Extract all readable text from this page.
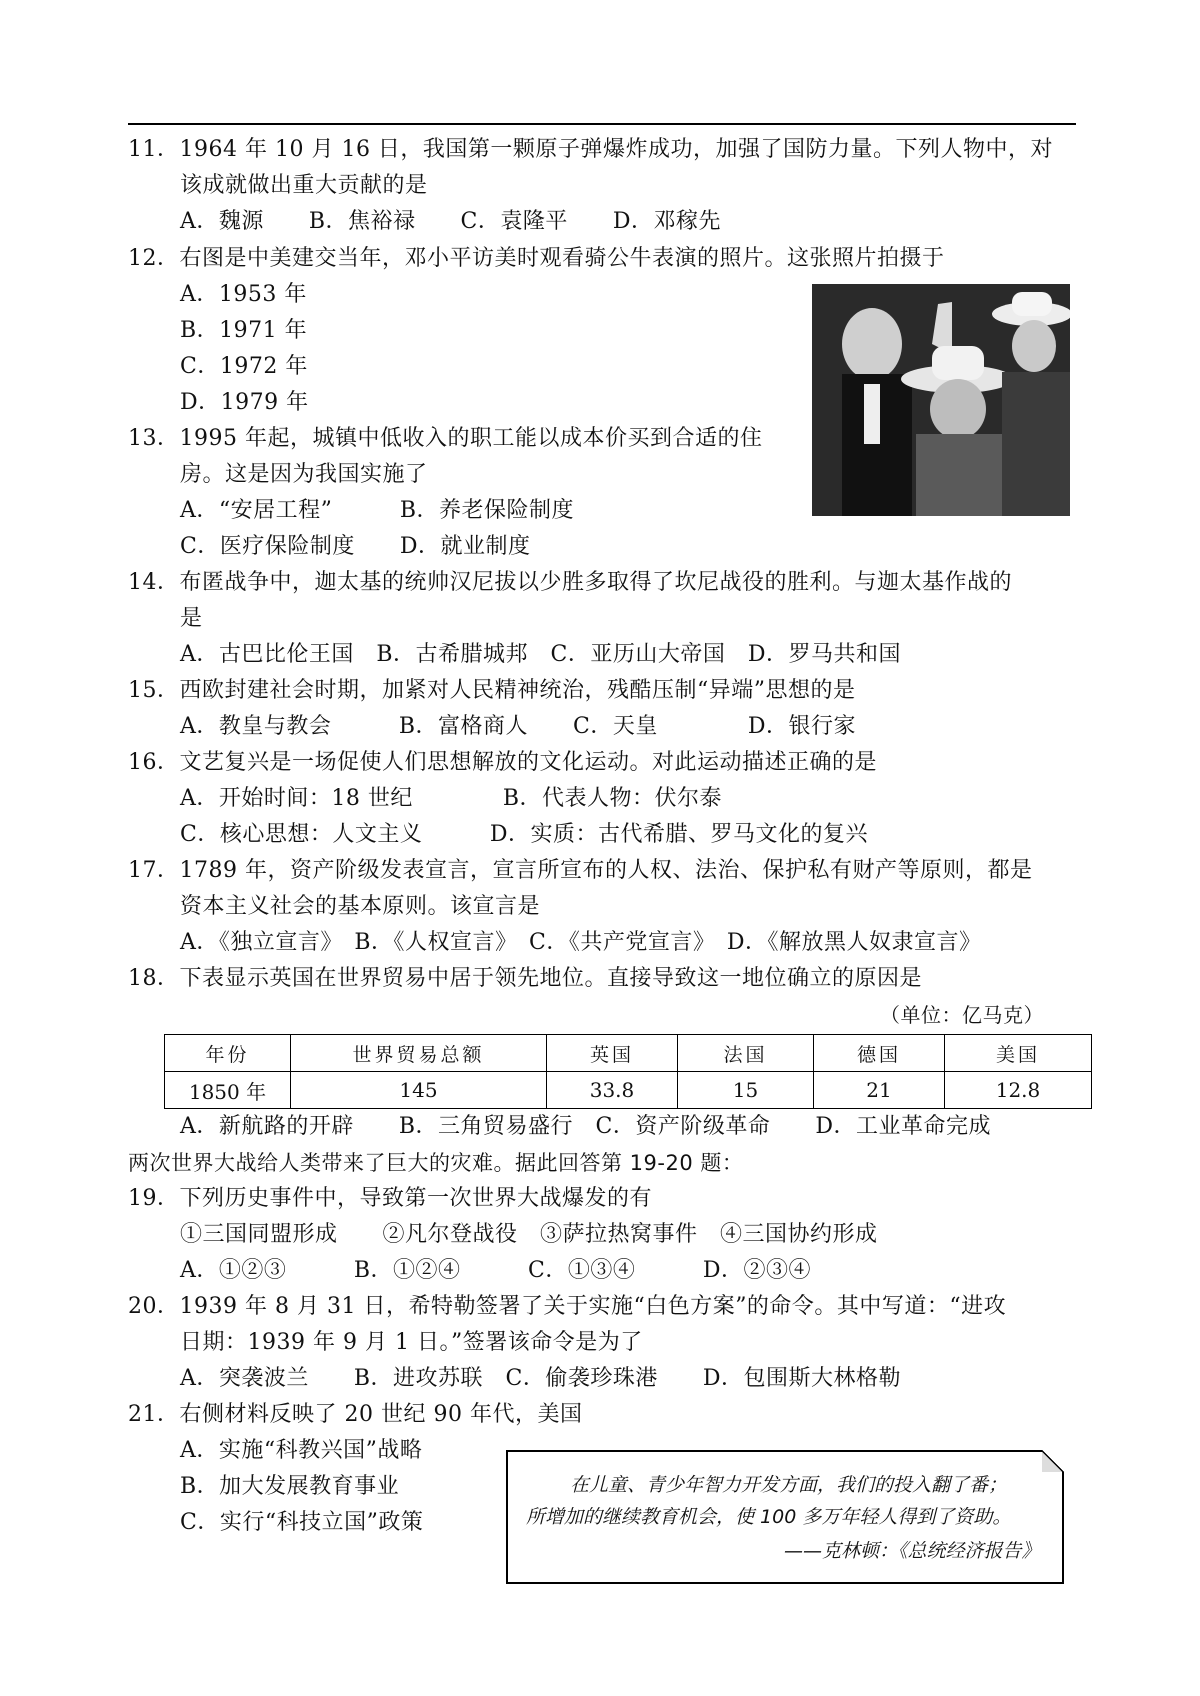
11．1964 年 10 月 16 日，我国第一颗原子弹爆炸成功，加强了国防力量。下列人物中，对
该成就做出重大贡献的是
A．魏源　　B．焦裕禄　　C．袁隆平　　D．邓稼先
12．右图是中美建交当年，邓小平访美时观看骑公牛表演的照片。这张照片拍摄于
A．1953 年
B．1971 年
C．1972 年
D．1979 年
13．1995 年起，城镇中低收入的职工能以成本价买到合适的住
房。这是因为我国实施了
A．“安居工程”　　　B．养老保险制度
C．医疗保险制度　　D．就业制度
14．布匿战争中，迦太基的统帅汉尼拔以少胜多取得了坎尼战役的胜利。与迦太基作战的
是
A．古巴比伦王国　B．古希腊城邦　C．亚历山大帝国　D．罗马共和国
15．西欧封建社会时期，加紧对人民精神统治，残酷压制“异端”思想的是
A．教皇与教会　　　B．富格商人　　C．天皇　　　　D．银行家
16．文艺复兴是一场促使人们思想解放的文化运动。对此运动描述正确的是
A．开始时间：18 世纪　　　　B．代表人物：伏尔泰
C．核心思想：人文主义　　　D．实质：古代希腊、罗马文化的复兴
17．1789 年，资产阶级发表宣言，宣言所宣布的人权、法治、保护私有财产等原则，都是
资本主义社会的基本原则。该宣言是
A．《独立宣言》　B．《人权宣言》　C．《共产党宣言》　D．《解放黑人奴隶宣言》
18．下表显示英国在世界贸易中居于领先地位。直接导致这一地位确立的原因是
（单位：亿马克）
年份	世界贸易总额	英国	法国	德国	美国
1850 年	145	33.8	15	21	12.8
A．新航路的开辟　　B．三角贸易盛行　C．资产阶级革命　　D．工业革命完成
两次世界大战给人类带来了巨大的灾难。据此回答第 19-20 题：
19．下列历史事件中，导致第一次世界大战爆发的有
①三国同盟形成　　②凡尔登战役　③萨拉热窝事件　④三国协约形成
A．①②③　　　B．①②④　　　C．①③④　　　D．②③④
20．1939 年 8 月 31 日，希特勒签署了关于实施“白色方案”的命令。其中写道：“进攻
日期：1939 年 9 月 1 日。”签署该命令是为了
A．突袭波兰　　B．进攻苏联　C．偷袭珍珠港　　D．包围斯大林格勒
21．右侧材料反映了 20 世纪 90 年代，美国
A．实施“科教兴国”战略
B．加大发展教育事业
C．实行“科技立国”政策
在儿童、青少年智力开发方面，我们的投入翻了番；
所增加的继续教育机会，使 100 多万年轻人得到了资助。
——克林顿：《总统经济报告》
